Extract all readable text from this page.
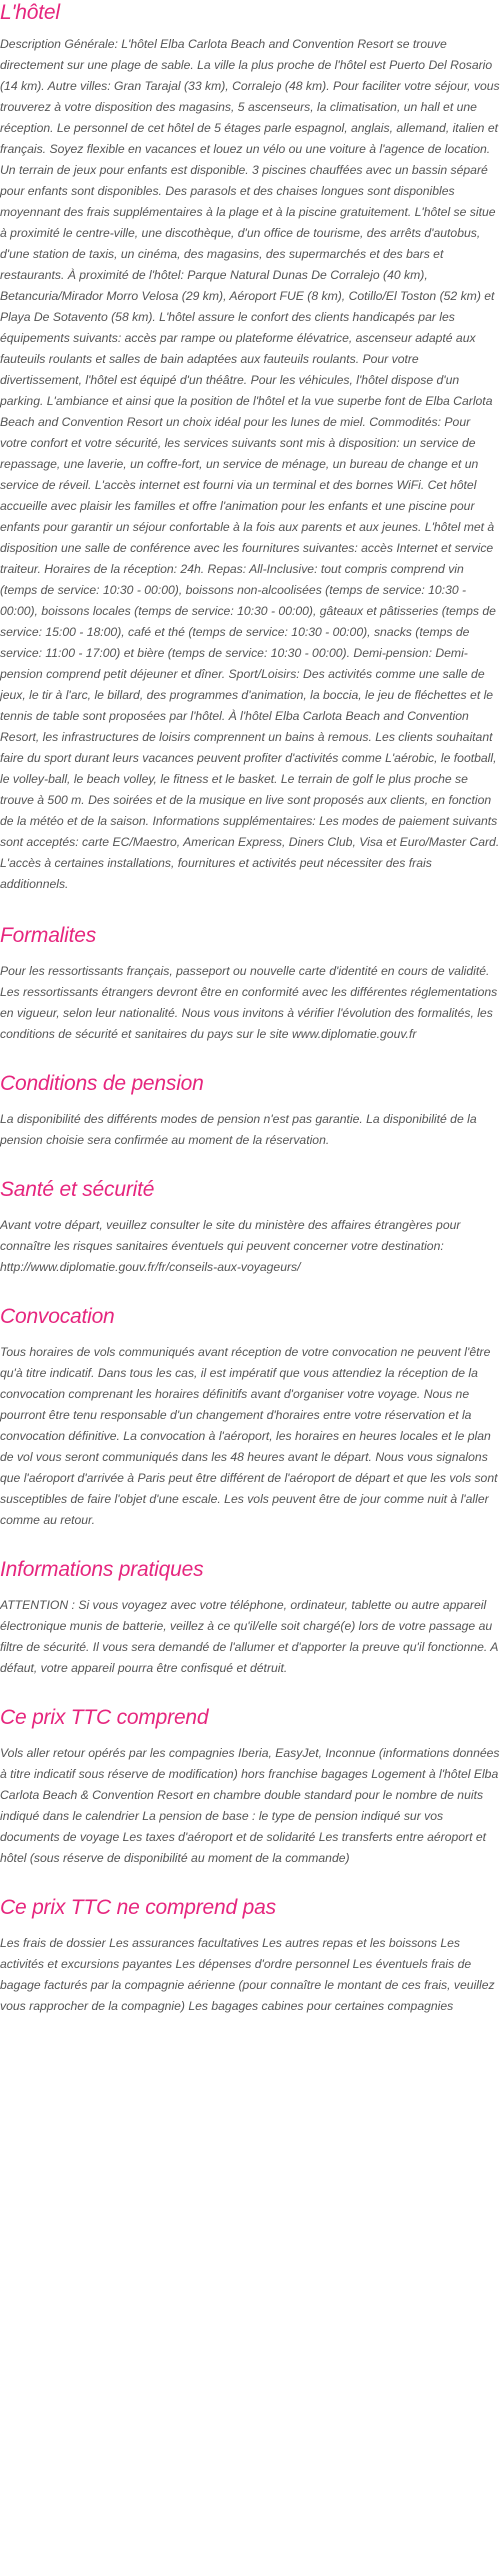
L'hôtel

Description Générale: L'hôtel Elba Carlota Beach and Convention Resort se trouve directement sur une plage de sable. La ville la plus proche de l'hôtel est Puerto Del Rosario (14 km). Autre villes: Gran Tarajal (33 km), Corralejo (48 km). Pour faciliter votre séjour, vous trouverez à votre disposition des magasins, 5 ascenseurs, la climatisation, un hall et une réception. Le personnel de cet hôtel de 5 étages parle espagnol, anglais, allemand, italien et français. Soyez flexible en vacances et louez un vélo ou une voiture à l'agence de location. Un terrain de jeux pour enfants est disponible. 3 piscines chauffées avec un bassin séparé pour enfants sont disponibles. Des parasols et des chaises longues sont disponibles moyennant des frais supplémentaires à la plage et à la piscine gratuitement. L'hôtel se situe à proximité le centre-ville, une discothèque, d'un office de tourisme, des arrêts d'autobus, d'une station de taxis, un cinéma, des magasins, des supermarchés et des bars et restaurants. À proximité de l'hôtel: Parque Natural Dunas De Corralejo (40 km), Betancuria/Mirador Morro Velosa (29 km), Aéroport FUE (8 km), Cotillo/El Toston (52 km) et Playa De Sotavento (58 km). L'hôtel assure le confort des clients handicapés par les équipements suivants: accès par rampe ou plateforme élévatrice, ascenseur adapté aux fauteuils roulants et salles de bain adaptées aux fauteuils roulants. Pour votre divertissement, l'hôtel est équipé d'un théâtre. Pour les véhicules, l'hôtel dispose d'un parking. L'ambiance et ainsi que la position de l'hôtel et la vue superbe font de Elba Carlota Beach and Convention Resort un choix idéal pour les lunes de miel. Commodités: Pour votre confort et votre sécurité, les services suivants sont mis à disposition: un service de repassage, une laverie, un coffre-fort, un service de ménage, un bureau de change et un service de réveil. L'accès internet est fourni via un terminal et des bornes WiFi. Cet hôtel accueille avec plaisir les familles et offre l'animation pour les enfants et une piscine pour enfants pour garantir un séjour confortable à la fois aux parents et aux jeunes. L'hôtel met à disposition une salle de conférence avec les fournitures suivantes: accès Internet et service traiteur. Horaires de la réception: 24h. Repas: All-Inclusive: tout compris comprend vin (temps de service: 10:30 - 00:00), boissons non-alcoolisées (temps de service: 10:30 - 00:00), boissons locales (temps de service: 10:30 - 00:00), gâteaux et pâtisseries (temps de service: 15:00 - 18:00), café et thé (temps de service: 10:30 - 00:00), snacks (temps de service: 11:00 - 17:00) et bière (temps de service: 10:30 - 00:00). Demi-pension: Demi-pension comprend petit déjeuner et dîner. Sport/Loisirs: Des activités comme une salle de jeux, le tir à l'arc, le billard, des programmes d'animation, la boccia, le jeu de fléchettes et le tennis de table sont proposées par l'hôtel. À l'hôtel Elba Carlota Beach and Convention Resort, les infrastructures de loisirs comprennent un bains à remous. Les clients souhaitant faire du sport durant leurs vacances peuvent profiter d'activités comme L'aérobic, le football, le volley-ball, le beach volley, le fitness et le basket. Le terrain de golf le plus proche se trouve à 500 m. Des soirées et de la musique en live sont proposés aux clients, en fonction de la météo et de la saison. Informations supplémentaires: Les modes de paiement suivants sont acceptés: carte EC/Maestro, American Express, Diners Club, Visa et Euro/Master Card. L'accès à certaines installations, fournitures et activités peut nécessiter des frais additionnels.

Formalites

Pour les ressortissants français, passeport ou nouvelle carte d'identité en cours de validité. Les ressortissants étrangers devront être en conformité avec les différentes réglementations en vigueur, selon leur nationalité. Nous vous invitons à vérifier l'évolution des formalités, les conditions de sécurité et sanitaires du pays sur le site www.diplomatie.gouv.fr

Conditions de pension

La disponibilité des différents modes de pension n'est pas garantie. La disponibilité de la pension choisie sera confirmée au moment de la réservation.

Santé et sécurité

Avant votre départ, veuillez consulter le site du ministère des affaires étrangères pour connaître les risques sanitaires éventuels qui peuvent concerner votre destination: http://www.diplomatie.gouv.fr/fr/conseils-aux-voyageurs/

Convocation

Tous horaires de vols communiqués avant réception de votre convocation ne peuvent l'être qu'à titre indicatif. Dans tous les cas, il est impératif que vous attendiez la réception de la convocation comprenant les horaires définitifs avant d'organiser votre voyage. Nous ne pourront être tenu responsable d'un changement d'horaires entre votre réservation et la convocation définitive. La convocation à l'aéroport, les horaires en heures locales et le plan de vol vous seront communiqués dans les 48 heures avant le départ. Nous vous signalons que l'aéroport d'arrivée à Paris peut être différent de l'aéroport de départ et que les vols sont susceptibles de faire l'objet d'une escale. Les vols peuvent être de jour comme nuit à l'aller comme au retour.

Informations pratiques

ATTENTION : Si vous voyagez avec votre téléphone, ordinateur, tablette ou autre appareil électronique munis de batterie, veillez à ce qu'il/elle soit chargé(e) lors de votre passage au filtre de sécurité. Il vous sera demandé de l'allumer et d'apporter la preuve qu'il fonctionne. A défaut, votre appareil pourra être confisqué et détruit.

Ce prix TTC comprend

Vols aller retour opérés par les compagnies Iberia, EasyJet, Inconnue (informations données à titre indicatif sous réserve de modification) hors franchise bagages Logement à l'hôtel Elba Carlota Beach & Convention Resort en chambre double standard pour le nombre de nuits indiqué dans le calendrier La pension de base : le type de pension indiqué sur vos documents de voyage Les taxes d'aéroport et de solidarité Les transferts entre aéroport et hôtel (sous réserve de disponibilité au moment de la commande)

Ce prix TTC ne comprend pas

Les frais de dossier Les assurances facultatives Les autres repas et les boissons Les activités et excursions payantes Les dépenses d'ordre personnel Les éventuels frais de bagage facturés par la compagnie aérienne (pour connaître le montant de ces frais, veuillez vous rapprocher de la compagnie) Les bagages cabines pour certaines compagnies
